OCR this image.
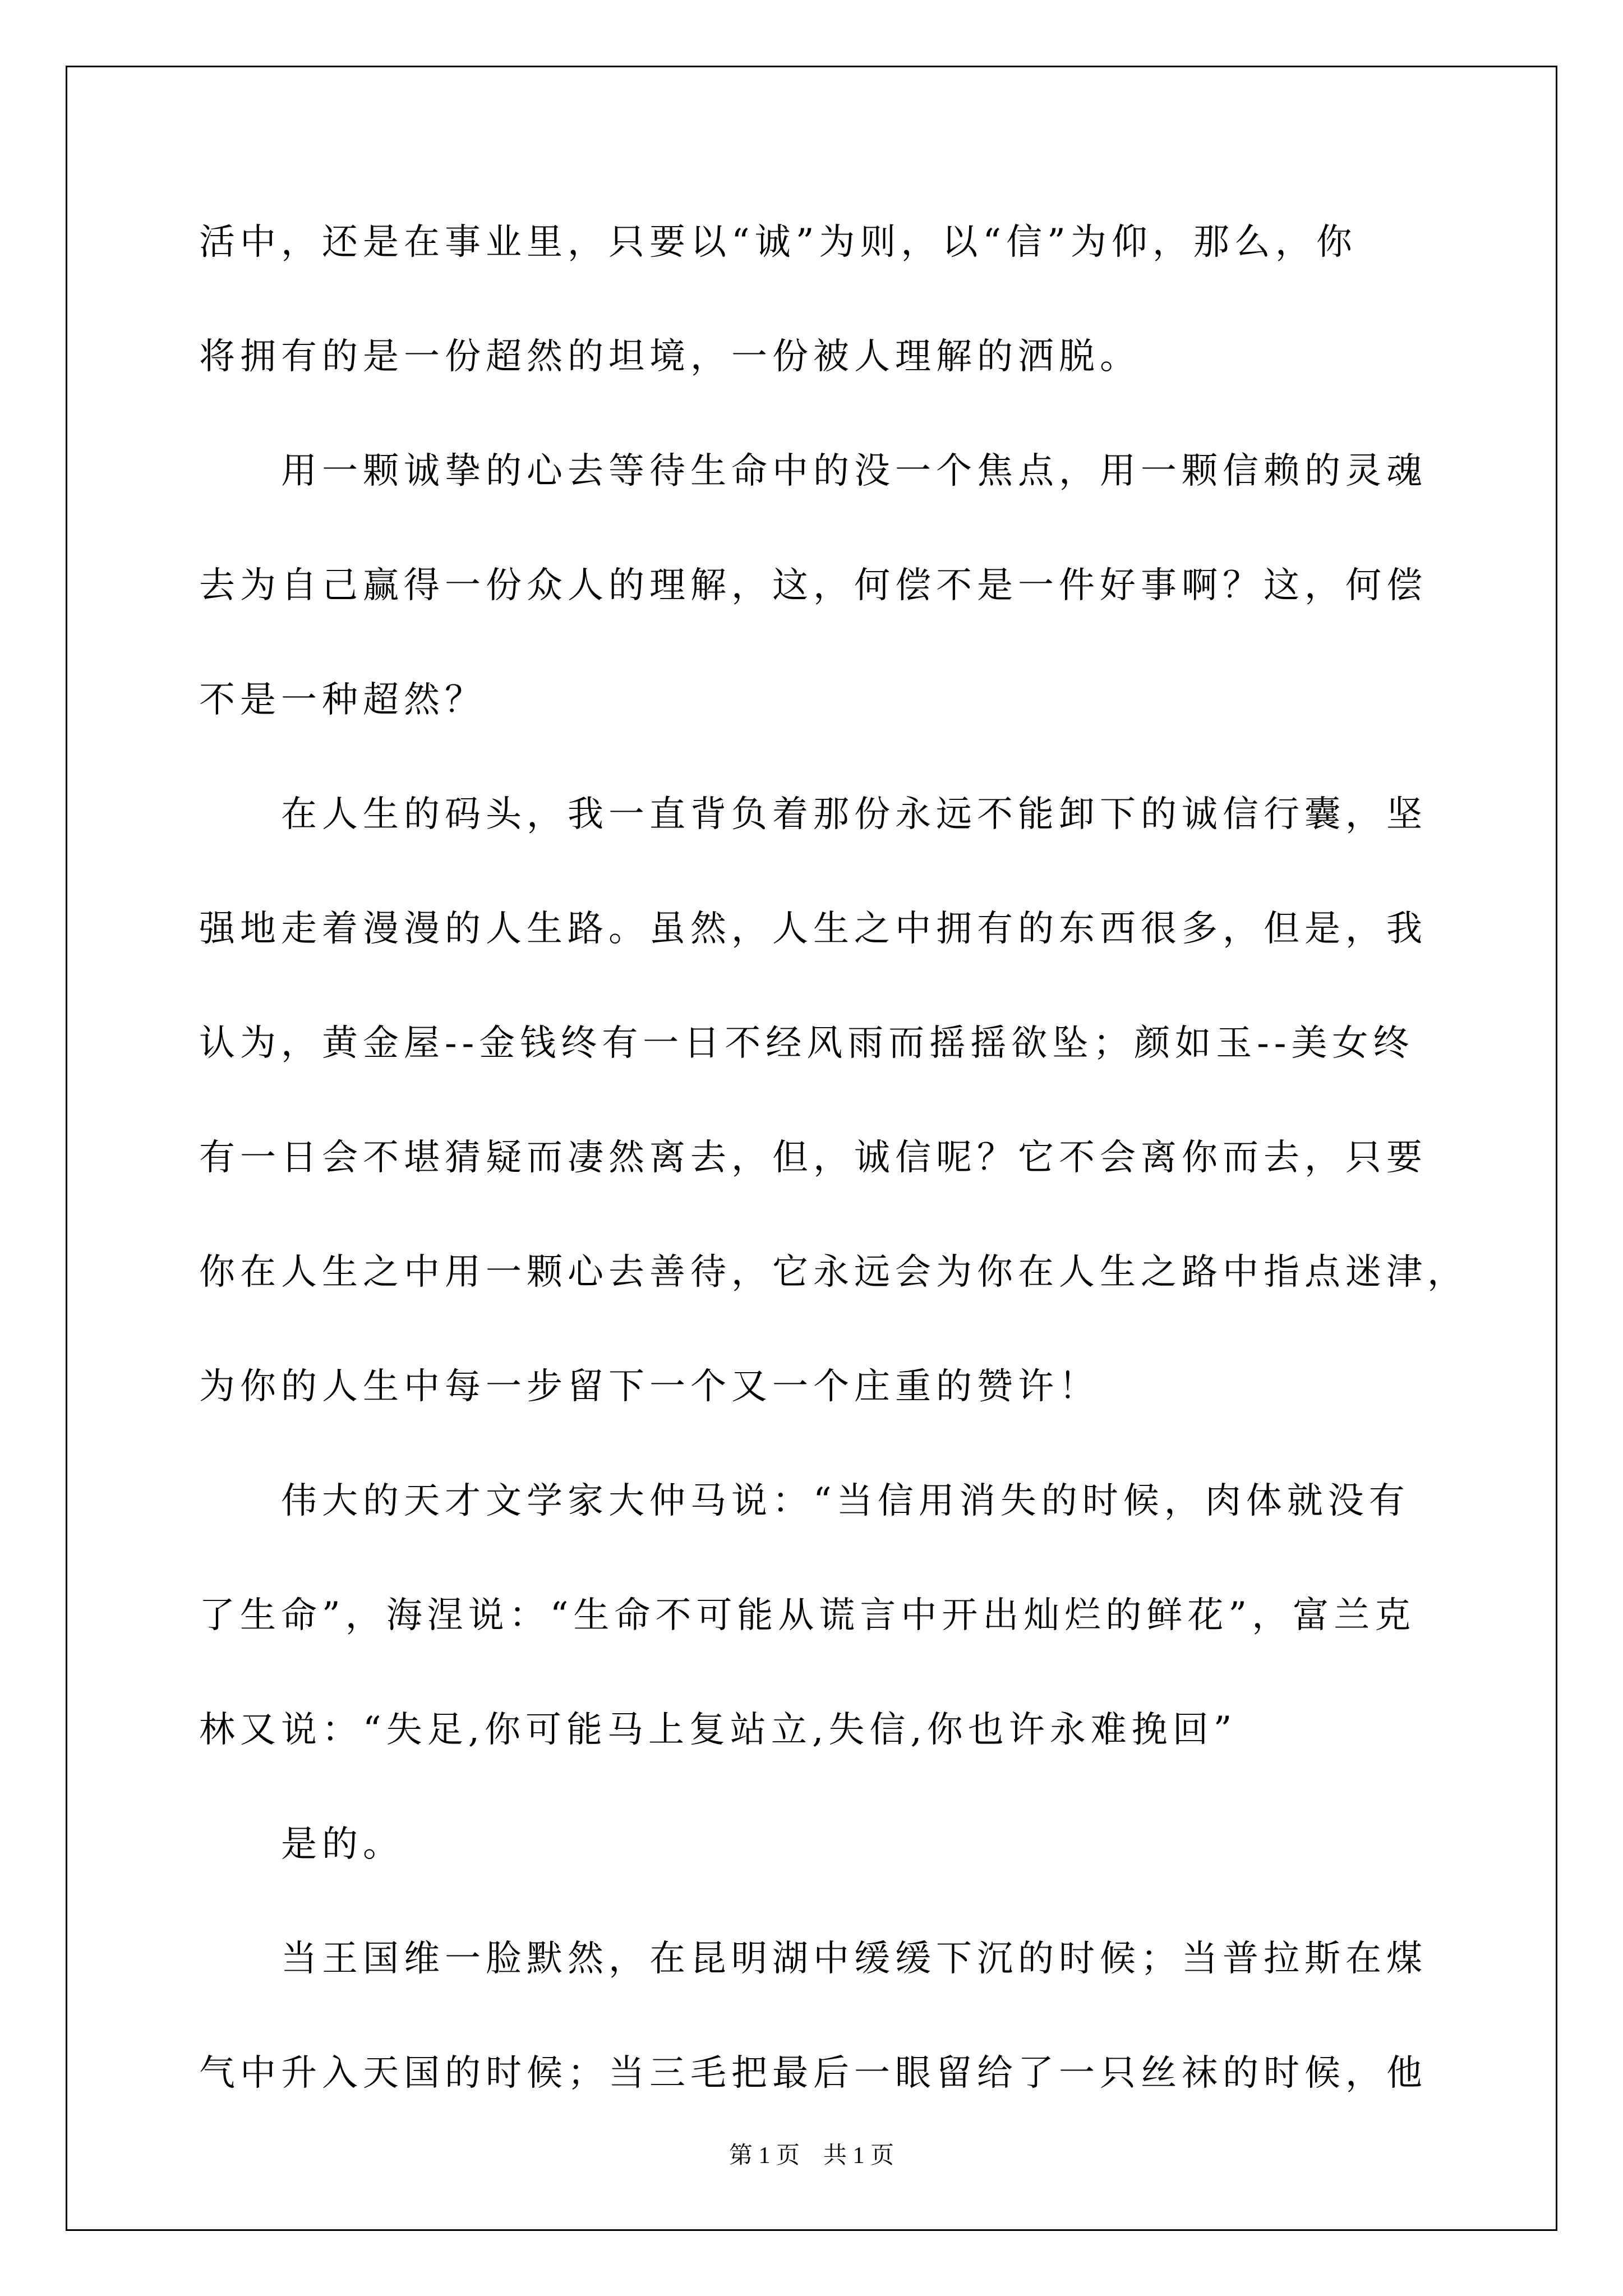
活中，还是在事业里，只要以“诚”为则，以“信”为仰，那么，你
将拥有的是一份超然的坦境，一份被人理解的洒脱。
　　用一颗诚挚的心去等待生命中的没一个焦点，用一颗信赖的灵魂
去为自己赢得一份众人的理解，这，何偿不是一件好事啊？这，何偿
不是一种超然？
　　在人生的码头，我一直背负着那份永远不能卸下的诚信行囊，坚
强地走着漫漫的人生路。虽然，人生之中拥有的东西很多，但是，我
认为，黄金屋--金钱终有一日不经风雨而摇摇欲坠；颜如玉--美女终
有一日会不堪猜疑而凄然离去，但，诚信呢？它不会离你而去，只要
你在人生之中用一颗心去善待，它永远会为你在人生之路中指点迷津，
为你的人生中每一步留下一个又一个庄重的赞许！
　　伟大的天才文学家大仲马说：“当信用消失的时候，肉体就没有
了生命”，海涅说：“生命不可能从谎言中开出灿烂的鲜花”，富兰克
林又说：“失足,你可能马上复站立,失信,你也许永难挽回”
　　是的。
　　当王国维一脸默然，在昆明湖中缓缓下沉的时候；当普拉斯在煤
气中升入天国的时候；当三毛把最后一眼留给了一只丝袜的时候，他
第 1 页　共 1 页
